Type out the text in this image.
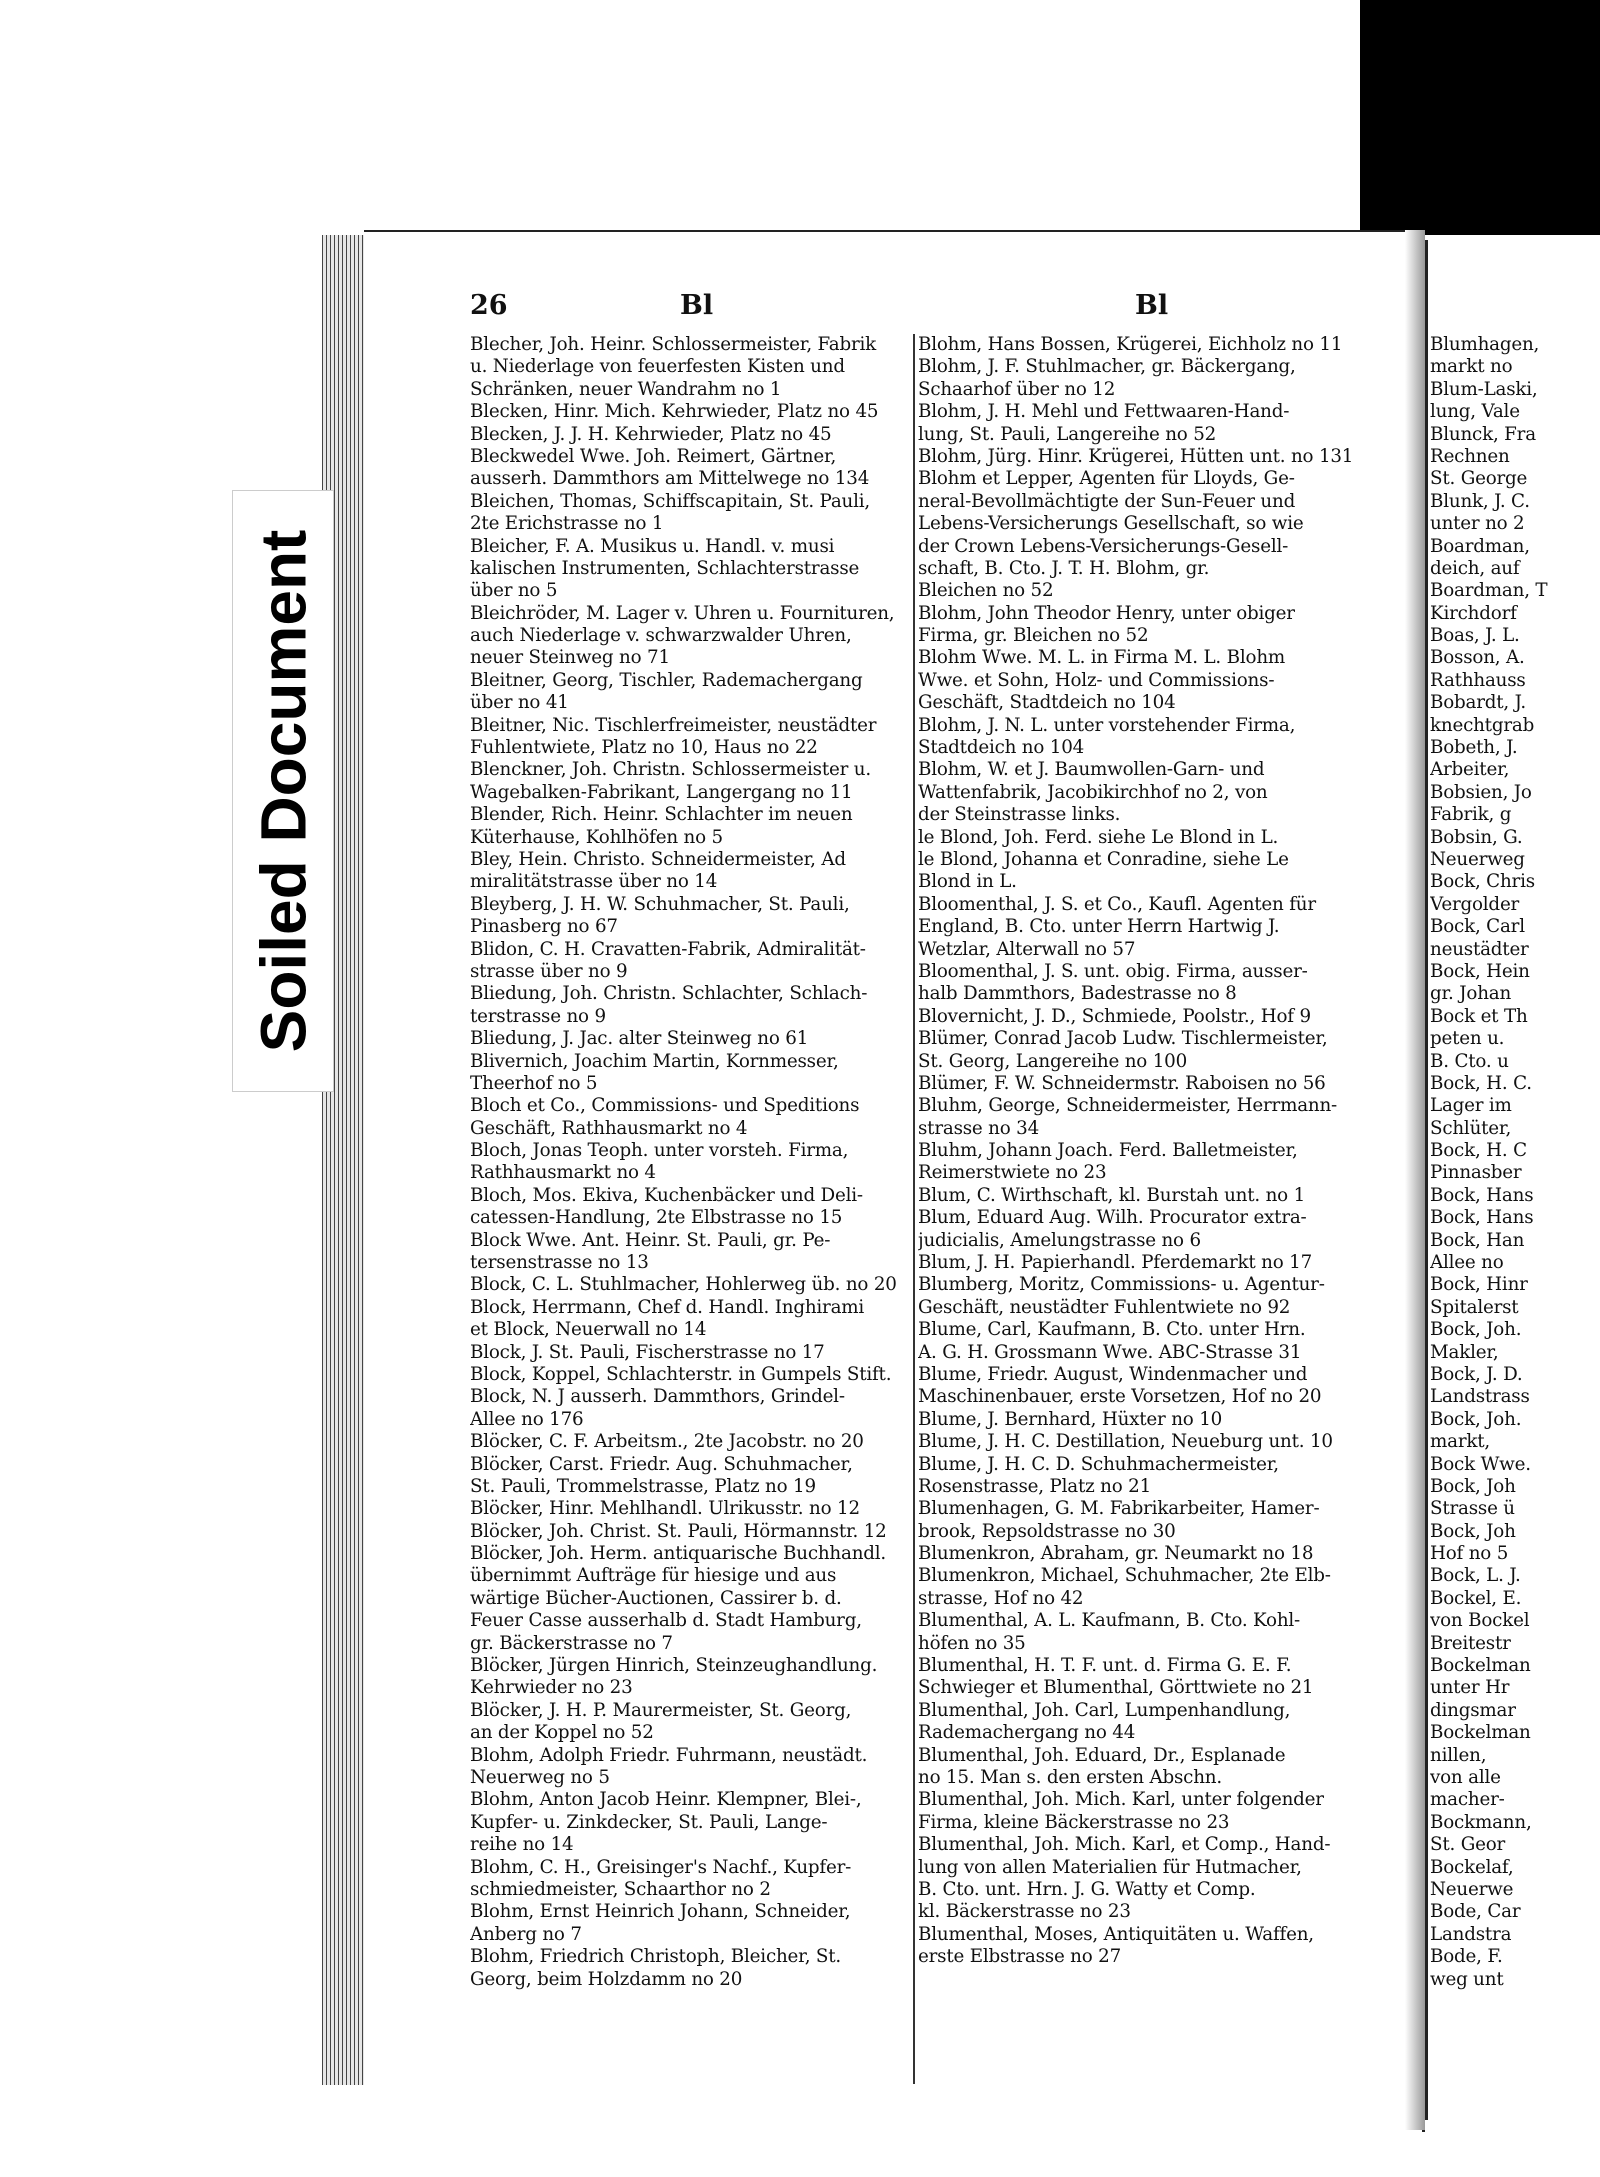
Soiled Document
26	Bl	Bl
Blecher, Joh. Heinr. Schlossermeister, Fabrik
u. Niederlage von feuerfesten Kisten und
Schränken, neuer Wandrahm no 1
Blecken, Hinr. Mich. Kehrwieder, Platz no 45
Blecken, J. J. H. Kehrwieder, Platz no 45
Bleckwedel Wwe. Joh. Reimert, Gärtner,
ausserh. Dammthors am Mittelwege no 134
Bleichen, Thomas, Schiffscapitain, St. Pauli,
2te Erichstrasse no 1
Bleicher, F. A. Musikus u. Handl. v. musi
kalischen Instrumenten, Schlachterstrasse
über no 5
Bleichröder, M. Lager v. Uhren u. Fournituren,
auch Niederlage v. schwarzwalder Uhren,
neuer Steinweg no 71
Bleitner, Georg, Tischler, Rademachergang
über no 41
Bleitner, Nic. Tischlerfreimeister, neustädter
Fuhlentwiete, Platz no 10, Haus no 22
Blenckner, Joh. Christn. Schlossermeister u.
Wagebalken-Fabrikant, Langergang no 11
Blender, Rich. Heinr. Schlachter im neuen
Küterhause, Kohlhöfen no 5
Bley, Hein. Christo. Schneidermeister, Ad
miralitätstrasse über no 14
Bleyberg, J. H. W. Schuhmacher, St. Pauli,
Pinasberg no 67
Blidon, C. H. Cravatten-Fabrik, Admiralität-
strasse über no 9
Bliedung, Joh. Christn. Schlachter, Schlach-
terstrasse no 9
Bliedung, J. Jac. alter Steinweg no 61
Blivernich, Joachim Martin, Kornmesser,
Theerhof no 5
Bloch et Co., Commissions- und Speditions
Geschäft, Rathhausmarkt no 4
Bloch, Jonas Teoph. unter vorsteh. Firma,
Rathhausmarkt no 4
Bloch, Mos. Ekiva, Kuchenbäcker und Deli-
catessen-Handlung, 2te Elbstrasse no 15
Block Wwe. Ant. Heinr. St. Pauli, gr. Pe-
tersenstrasse no 13
Block, C. L. Stuhlmacher, Hohlerweg üb. no 20
Block, Herrmann, Chef d. Handl. Inghirami
et Block, Neuerwall no 14
Block, J. St. Pauli, Fischerstrasse no 17
Block, Koppel, Schlachterstr. in Gumpels Stift.
Block, N. J ausserh. Dammthors, Grindel-
Allee no 176
Blöcker, C. F. Arbeitsm., 2te Jacobstr. no 20
Blöcker, Carst. Friedr. Aug. Schuhmacher,
St. Pauli, Trommelstrasse, Platz no 19
Blöcker, Hinr. Mehlhandl. Ulrikusstr. no 12
Blöcker, Joh. Christ. St. Pauli, Hörmannstr. 12
Blöcker, Joh. Herm. antiquarische Buchhandl.
übernimmt Aufträge für hiesige und aus
wärtige Bücher-Auctionen, Cassirer b. d.
Feuer Casse ausserhalb d. Stadt Hamburg,
gr. Bäckerstrasse no 7
Blöcker, Jürgen Hinrich, Steinzeughandlung.
Kehrwieder no 23
Blöcker, J. H. P. Maurermeister, St. Georg,
an der Koppel no 52
Blohm, Adolph Friedr. Fuhrmann, neustädt.
Neuerweg no 5
Blohm, Anton Jacob Heinr. Klempner, Blei-,
Kupfer- u. Zinkdecker, St. Pauli, Lange-
reihe no 14
Blohm, C. H., Greisinger's Nachf., Kupfer-
schmiedmeister, Schaarthor no 2
Blohm, Ernst Heinrich Johann, Schneider,
Anberg no 7
Blohm, Friedrich Christoph, Bleicher, St.
Georg, beim Holzdamm no 20
Blohm, Hans Bossen, Krügerei, Eichholz no 11
Blohm, J. F. Stuhlmacher, gr. Bäckergang,
Schaarhof über no 12
Blohm, J. H. Mehl und Fettwaaren-Hand-
lung, St. Pauli, Langereihe no 52
Blohm, Jürg. Hinr. Krügerei, Hütten unt. no 131
Blohm et Lepper, Agenten für Lloyds, Ge-
neral-Bevollmächtigte der Sun-Feuer und
Lebens-Versicherungs Gesellschaft, so wie
der Crown Lebens-Versicherungs-Gesell-
schaft, B. Cto. J. T. H. Blohm, gr.
Bleichen no 52
Blohm, John Theodor Henry, unter obiger
Firma, gr. Bleichen no 52
Blohm Wwe. M. L. in Firma M. L. Blohm
Wwe. et Sohn, Holz- und Commissions-
Geschäft, Stadtdeich no 104
Blohm, J. N. L. unter vorstehender Firma,
Stadtdeich no 104
Blohm, W. et J. Baumwollen-Garn- und
Wattenfabrik, Jacobikirchhof no 2, von
der Steinstrasse links.
le Blond, Joh. Ferd. siehe Le Blond in L.
le Blond, Johanna et Conradine, siehe Le
Blond in L.
Bloomenthal, J. S. et Co., Kaufl. Agenten für
England, B. Cto. unter Herrn Hartwig J.
Wetzlar, Alterwall no 57
Bloomenthal, J. S. unt. obig. Firma, ausser-
halb Dammthors, Badestrasse no 8
Blovernicht, J. D., Schmiede, Poolstr., Hof 9
Blümer, Conrad Jacob Ludw. Tischlermeister,
St. Georg, Langereihe no 100
Blümer, F. W. Schneidermstr. Raboisen no 56
Bluhm, George, Schneidermeister, Herrmann-
strasse no 34
Bluhm, Johann Joach. Ferd. Balletmeister,
Reimerstwiete no 23
Blum, C. Wirthschaft, kl. Burstah unt. no 1
Blum, Eduard Aug. Wilh. Procurator extra-
judicialis, Amelungstrasse no 6
Blum, J. H. Papierhandl. Pferdemarkt no 17
Blumberg, Moritz, Commissions- u. Agentur-
Geschäft, neustädter Fuhlentwiete no 92
Blume, Carl, Kaufmann, B. Cto. unter Hrn.
A. G. H. Grossmann Wwe. ABC-Strasse 31
Blume, Friedr. August, Windenmacher und
Maschinenbauer, erste Vorsetzen, Hof no 20
Blume, J. Bernhard, Hüxter no 10
Blume, J. H. C. Destillation, Neueburg unt. 10
Blume, J. H. C. D. Schuhmachermeister,
Rosenstrasse, Platz no 21
Blumenhagen, G. M. Fabrikarbeiter, Hamer-
brook, Repsoldstrasse no 30
Blumenkron, Abraham, gr. Neumarkt no 18
Blumenkron, Michael, Schuhmacher, 2te Elb-
strasse, Hof no 42
Blumenthal, A. L. Kaufmann, B. Cto. Kohl-
höfen no 35
Blumenthal, H. T. F. unt. d. Firma G. E. F.
Schwieger et Blumenthal, Görttwiete no 21
Blumenthal, Joh. Carl, Lumpenhandlung,
Rademachergang no 44
Blumenthal, Joh. Eduard, Dr., Esplanade
no 15. Man s. den ersten Abschn.
Blumenthal, Joh. Mich. Karl, unter folgender
Firma, kleine Bäckerstrasse no 23
Blumenthal, Joh. Mich. Karl, et Comp., Hand-
lung von allen Materialien für Hutmacher,
B. Cto. unt. Hrn. J. G. Watty et Comp.
kl. Bäckerstrasse no 23
Blumenthal, Moses, Antiquitäten u. Waffen,
erste Elbstrasse no 27
Blumhagen,
markt no
Blum-Laski,
lung, Vale
Blunck, Fra
Rechnen
St. George
Blunk, J. C.
unter no 2
Boardman,
deich, auf
Boardman, T
Kirchdorf
Boas, J. L.
Bosson, A.
Rathhauss
Bobardt, J.
knechtgrab
Bobeth, J.
Arbeiter,
Bobsien, Jo
Fabrik, g
Bobsin, G.
Neuerweg
Bock, Chris
Vergolder
Bock, Carl
neustädter
Bock, Hein
gr. Johan
Bock et Th
peten u.
B. Cto. u
Bock, H. C.
Lager im
Schlüter,
Bock, H. C
Pinnasber
Bock, Hans
Bock, Hans
Bock, Han
Allee no
Bock, Hinr
Spitalerst
Bock, Joh.
Makler,
Bock, J. D.
Landstrass
Bock, Joh.
markt,
Bock Wwe.
Bock, Joh
Strasse ü
Bock, Joh
Hof no 5
Bock, L. J.
Bockel, E.
von Bockel
Breitestr
Bockelman
unter Hr
dingsmar
Bockelman
nillen,
von alle
macher-
Bockmann,
St. Geor
Bockelaf,
Neuerwe
Bode, Car
Landstra
Bode, F.
weg unt
